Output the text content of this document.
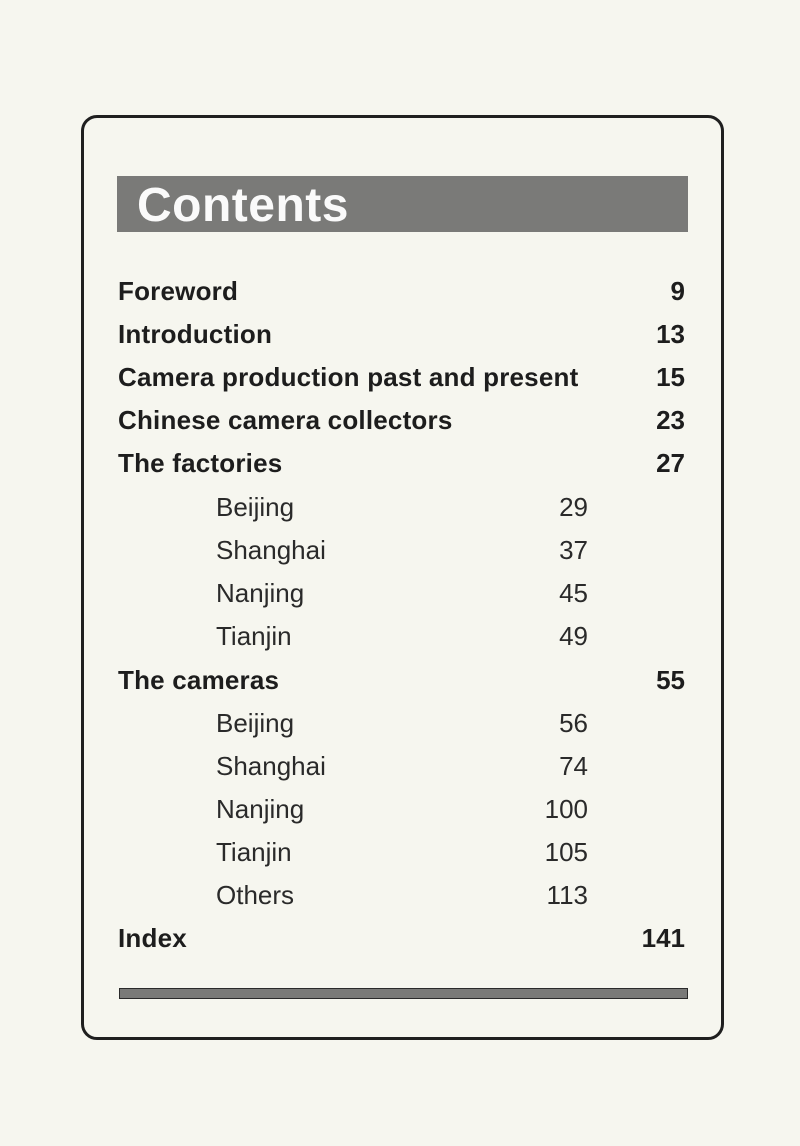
Contents
Foreword	9
Introduction	13
Camera production past and present	15
Chinese camera collectors	23
The factories	27
Beijing	29
Shanghai	37
Nanjing	45
Tianjin	49
The cameras	55
Beijing	56
Shanghai	74
Nanjing	100
Tianjin	105
Others	113
Index	141
